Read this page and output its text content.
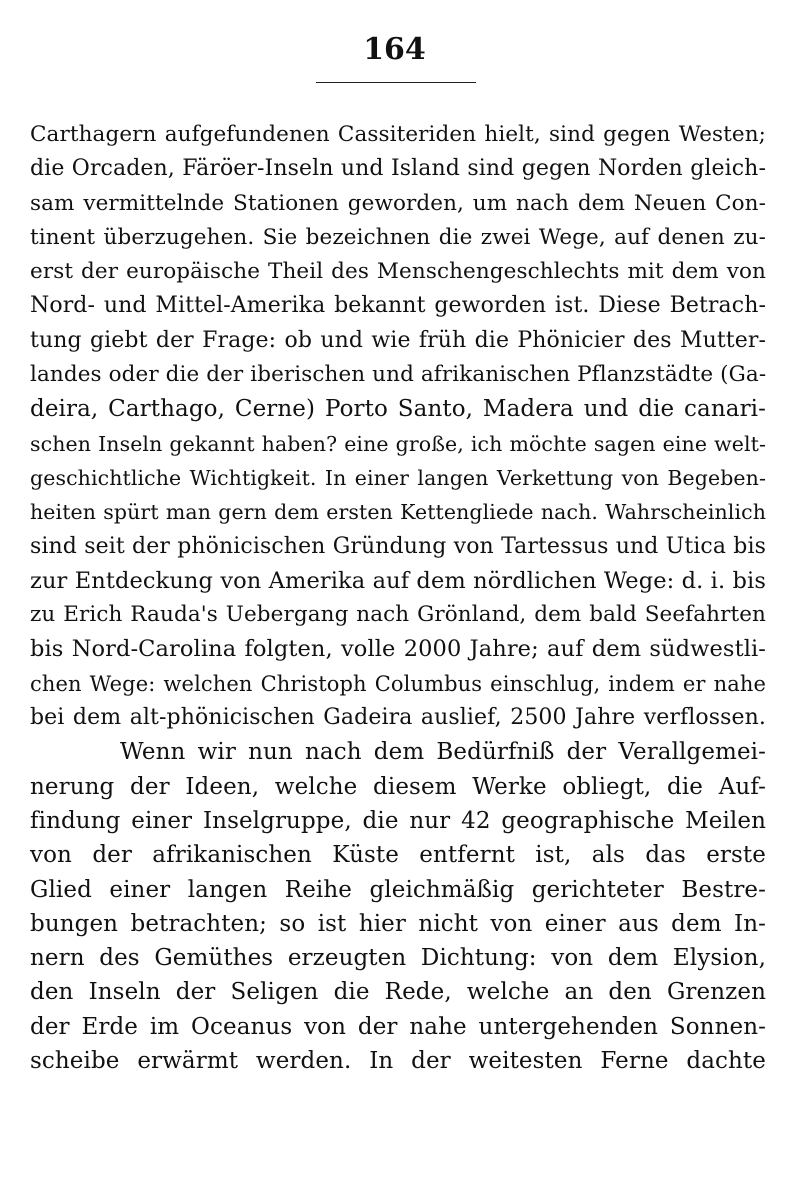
164
Carthagern aufgefundenen Cassiteriden hielt, sind gegen Westen;
die Orcaden, Färöer-Inseln und Island sind gegen Norden gleich-
sam vermittelnde Stationen geworden, um nach dem Neuen Con-
tinent überzugehen. Sie bezeichnen die zwei Wege, auf denen zu-
erst der europäische Theil des Menschengeschlechts mit dem von
Nord- und Mittel-Amerika bekannt geworden ist. Diese Betrach-
tung giebt der Frage: ob und wie früh die Phönicier des Mutter-
landes oder die der iberischen und afrikanischen Pflanzstädte (Ga-
deira, Carthago, Cerne) Porto Santo, Madera und die canari-
schen Inseln gekannt haben? eine große, ich möchte sagen eine welt-
geschichtliche Wichtigkeit. In einer langen Verkettung von Begeben-
heiten spürt man gern dem ersten Kettengliede nach. Wahrscheinlich
sind seit der phönicischen Gründung von Tartessus und Utica bis
zur Entdeckung von Amerika auf dem nördlichen Wege: d. i. bis
zu Erich Rauda's Uebergang nach Grönland, dem bald Seefahrten
bis Nord-Carolina folgten, volle 2000 Jahre; auf dem südwestli-
chen Wege: welchen Christoph Columbus einschlug, indem er nahe
bei dem alt-phönicischen Gadeira auslief, 2500 Jahre verflossen.
Wenn wir nun nach dem Bedürfniß der Verallgemei-
nerung der Ideen, welche diesem Werke obliegt, die Auf-
findung einer Inselgruppe, die nur 42 geographische Meilen
von der afrikanischen Küste entfernt ist, als das erste
Glied einer langen Reihe gleichmäßig gerichteter Bestre-
bungen betrachten; so ist hier nicht von einer aus dem In-
nern des Gemüthes erzeugten Dichtung: von dem Elysion,
den Inseln der Seligen die Rede, welche an den Grenzen
der Erde im Oceanus von der nahe untergehenden Sonnen-
scheibe erwärmt werden. In der weitesten Ferne dachte
